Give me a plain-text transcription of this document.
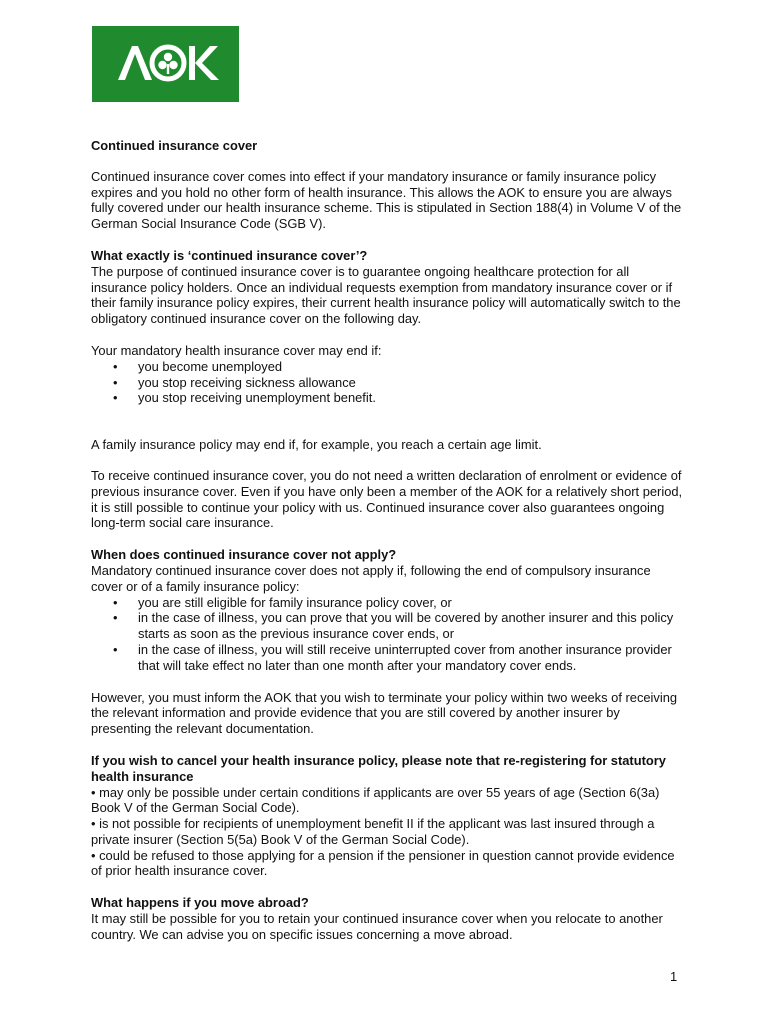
Continued insurance cover

Continued insurance cover comes into effect if your mandatory insurance or family insurance policy expires and you hold no other form of health insurance. This allows the AOK to ensure you are always fully covered under our health insurance scheme. This is stipulated in Section 188(4) in Volume V of the German Social Insurance Code (SGB V).

What exactly is ‘continued insurance cover’?

The purpose of continued insurance cover is to guarantee ongoing healthcare protection for all insurance policy holders. Once an individual requests exemption from mandatory insurance cover or if their family insurance policy expires, their current health insurance policy will automatically switch to the obligatory continued insurance cover on the following day.

Your mandatory health insurance cover may end if:

• you become unemployed
• you stop receiving sickness allowance
• you stop receiving unemployment benefit.

A family insurance policy may end if, for example, you reach a certain age limit.

To receive continued insurance cover, you do not need a written declaration of enrolment or evidence of previous insurance cover. Even if you have only been a member of the AOK for a relatively short period, it is still possible to continue your policy with us. Continued insurance cover also guarantees ongoing long-term social care insurance.

When does continued insurance cover not apply?

Mandatory continued insurance cover does not apply if, following the end of compulsory insurance cover or of a family insurance policy:

• you are still eligible for family insurance policy cover, or
• in the case of illness, you can prove that you will be covered by another insurer and this policy starts as soon as the previous insurance cover ends, or
• in the case of illness, you will still receive uninterrupted cover from another insurance provider that will take effect no later than one month after your mandatory cover ends.

However, you must inform the AOK that you wish to terminate your policy within two weeks of receiving the relevant information and provide evidence that you are still covered by another insurer by presenting the relevant documentation.

If you wish to cancel your health insurance policy, please note that re-registering for statutory health insurance

• may only be possible under certain conditions if applicants are over 55 years of age (Section 6(3a) Book V of the German Social Code).

• is not possible for recipients of unemployment benefit II if the applicant was last insured through a private insurer (Section 5(5a) Book V of the German Social Code).

• could be refused to those applying for a pension if the pensioner in question cannot provide evidence of prior health insurance cover.

What happens if you move abroad?

It may still be possible for you to retain your continued insurance cover when you relocate to another country. We can advise you on specific issues concerning a move abroad.

1
